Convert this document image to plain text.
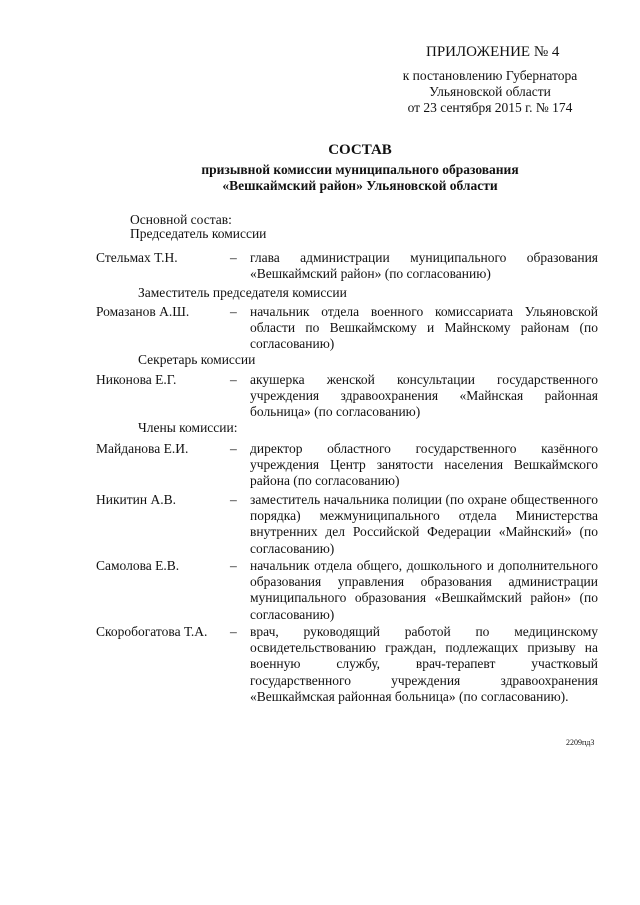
ПРИЛОЖЕНИЕ № 4
к постановлению Губернатора
Ульяновской области
от 23 сентября 2015 г. № 174
СОСТАВ
призывной комиссии муниципального образования
«Вешкаймский район» Ульяновской области
Основной состав:
Председатель комиссии
Стельмах Т.Н.	– глава администрации муниципального образования «Вешкаймский район» (по согласованию)
Заместитель председателя комиссии
Ромазанов А.Ш.	– начальник отдела военного комиссариата Ульяновской области по Вешкаймскому и Майнскому районам (по согласованию)
Секретарь комиссии
Никонова Е.Г.	– акушерка женской консультации государственного учреждения здравоохранения «Майнская районная больница» (по согласованию)
Члены комиссии:
Майданова Е.И.	– директор областного государственного казённого учреждения Центр занятости населения Вешкаймского района (по согласованию)
Никитин А.В.	– заместитель начальника полиции (по охране общественного порядка) межмуниципального отдела Министерства внутренних дел Российской Федерации «Майнский» (по согласованию)
Самолова Е.В.	– начальник отдела общего, дошкольного и дополнительного образования управления образования администрации муниципального образования «Вешкаймский район» (по согласованию)
Скоробогатова Т.А. – врач, руководящий работой по медицинскому освидетельствованию граждан, подлежащих призыву на военную службу, врач-терапевт участковый государственного учреждения здравоохранения «Вешкаймская районная больница» (по согласованию).
2209пд3
